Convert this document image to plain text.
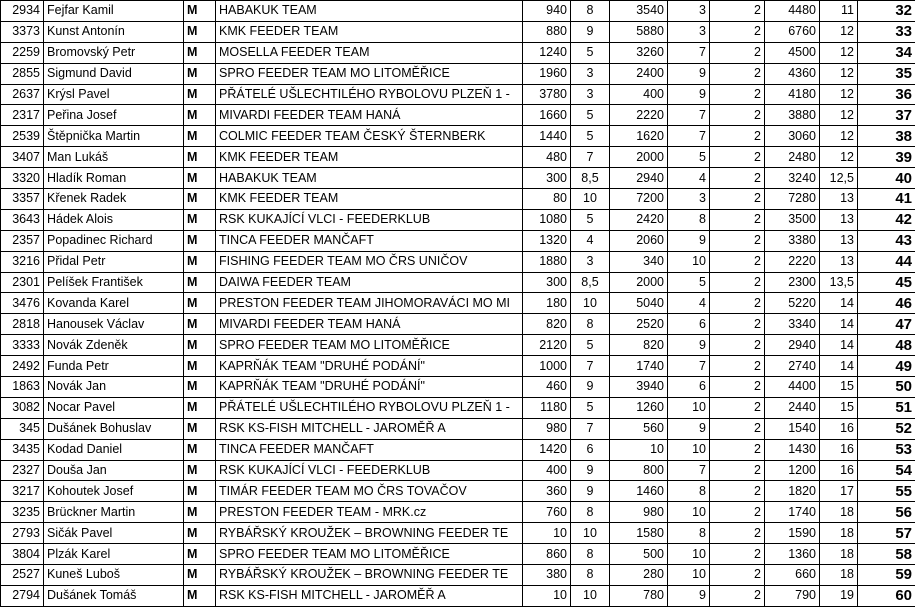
2934	Fejfar Kamil	M	HABAKUK TEAM	940	8	3540	3	2	4480	11	32
3373	Kunst Antonín	M	KMK FEEDER TEAM	880	9	5880	3	2	6760	12	33
2259	Bromovský Petr	M	MOSELLA FEEDER TEAM	1240	5	3260	7	2	4500	12	34
2855	Sigmund David	M	SPRO FEEDER TEAM MO LITOMĚŘICE	1960	3	2400	9	2	4360	12	35
2637	Krýsl Pavel	M	PŘÁTELÉ UŠLECHTILÉHO RYBOLOVU PLZEŇ 1 -	3780	3	400	9	2	4180	12	36
2317	Peřina Josef	M	MIVARDI FEEDER TEAM HANÁ	1660	5	2220	7	2	3880	12	37
2539	Štěpnička Martin	M	COLMIC FEEDER TEAM ČESKÝ ŠTERNBERK	1440	5	1620	7	2	3060	12	38
3407	Man Lukáš	M	KMK FEEDER TEAM	480	7	2000	5	2	2480	12	39
3320	Hladík Roman	M	HABAKUK TEAM	300	8,5	2940	4	2	3240	12,5	40
3357	Křenek Radek	M	KMK FEEDER TEAM	80	10	7200	3	2	7280	13	41
3643	Hádek Alois	M	RSK KUKAJÍCÍ VLCI - FEEDERKLUB	1080	5	2420	8	2	3500	13	42
2357	Popadinec Richard	M	TINCA FEEDER MANČAFT	1320	4	2060	9	2	3380	13	43
3216	Přidal Petr	M	FISHING FEEDER TEAM MO ČRS UNIČOV	1880	3	340	10	2	2220	13	44
2301	Pelíšek František	M	DAIWA FEEDER TEAM	300	8,5	2000	5	2	2300	13,5	45
3476	Kovanda Karel	M	PRESTON FEEDER TEAM JIHOMORAVÁCI MO MI	180	10	5040	4	2	5220	14	46
2818	Hanousek Václav	M	MIVARDI FEEDER TEAM HANÁ	820	8	2520	6	2	3340	14	47
3333	Novák Zdeněk	M	SPRO FEEDER TEAM MO LITOMĚŘICE	2120	5	820	9	2	2940	14	48
2492	Funda Petr	M	KAPRŇÁK TEAM "DRUHÉ PODÁNÍ"	1000	7	1740	7	2	2740	14	49
1863	Novák Jan	M	KAPRŇÁK TEAM "DRUHÉ PODÁNÍ"	460	9	3940	6	2	4400	15	50
3082	Nocar Pavel	M	PŘÁTELÉ UŠLECHTILÉHO RYBOLOVU PLZEŇ 1 -	1180	5	1260	10	2	2440	15	51
345	Dušánek Bohuslav	M	RSK KS-FISH MITCHELL - JAROMĚŘ A	980	7	560	9	2	1540	16	52
3435	Kodad Daniel	M	TINCA FEEDER MANČAFT	1420	6	10	10	2	1430	16	53
2327	Douša Jan	M	RSK KUKAJÍCÍ VLCI - FEEDERKLUB	400	9	800	7	2	1200	16	54
3217	Kohoutek Josef	M	TIMÁR FEEDER TEAM MO ČRS TOVAČOV	360	9	1460	8	2	1820	17	55
3235	Brückner Martin	M	PRESTON FEEDER TEAM - MRK.cz	760	8	980	10	2	1740	18	56
2793	Sičák Pavel	M	RYBÁŘSKÝ KROUŽEK – BROWNING FEEDER TE	10	10	1580	8	2	1590	18	57
3804	Plzák Karel	M	SPRO FEEDER TEAM MO LITOMĚŘICE	860	8	500	10	2	1360	18	58
2527	Kuneš Luboš	M	RYBÁŘSKÝ KROUŽEK – BROWNING FEEDER TE	380	8	280	10	2	660	18	59
2794	Dušánek Tomáš	M	RSK KS-FISH MITCHELL - JAROMĚŘ A	10	10	780	9	2	790	19	60
